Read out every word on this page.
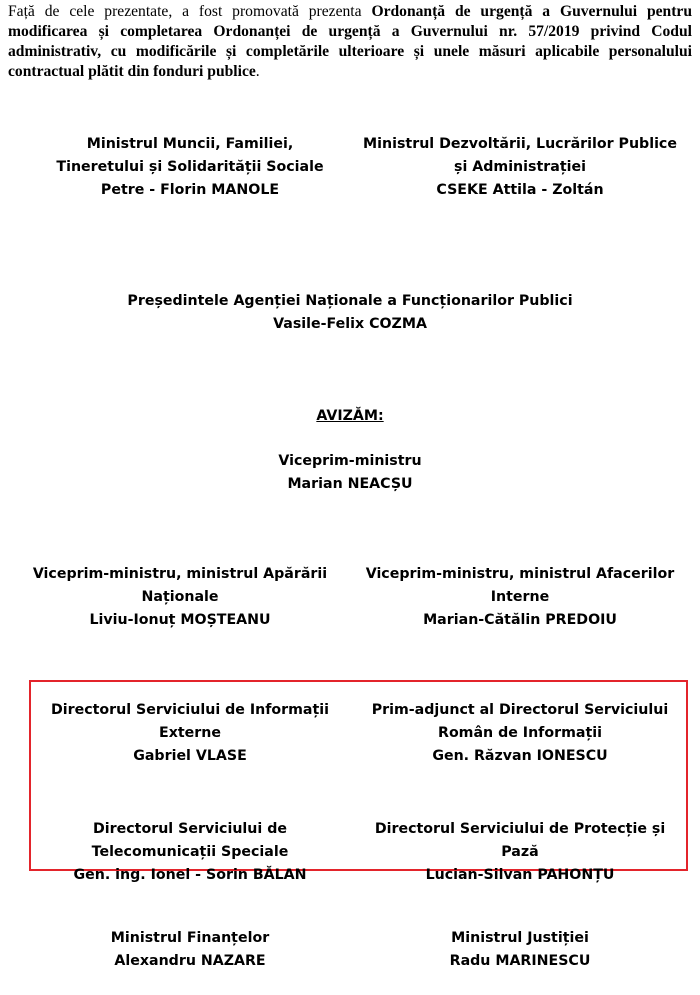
Față de cele prezentate, a fost promovată prezenta Ordonanță de urgență a Guvernului pentru modificarea și completarea Ordonanței de urgență a Guvernului nr. 57/2019 privind Codul administrativ, cu modificările și completările ulterioare și unele măsuri aplicabile personalului contractual plătit din fonduri publice.

Ministrul Muncii, Familiei,
Tineretului și Solidarității Sociale
Petre - Florin MANOLE
Ministrul Dezvoltării, Lucrărilor Publice
și Administrației
CSEKE Attila - Zoltán
Președintele Agenției Naționale a Funcționarilor Publici
Vasile-Felix COZMA
AVIZĂM:
Viceprim-ministru
Marian NEACȘU
Viceprim-ministru, ministrul Apărării
Naționale
Liviu-Ionuț MOȘTEANU
Viceprim-ministru, ministrul Afacerilor
Interne
Marian-Cătălin PREDOIU
Directorul Serviciului de Informații
Externe
Gabriel VLASE
Prim-adjunct al Directorul Serviciului
Român de Informații
Gen. Răzvan IONESCU
Directorul Serviciului de
Telecomunicații Speciale
Gen. ing. Ionel - Sorin BĂLAN
Directorul Serviciului de Protecție și
Pază
Lucian-Silvan PAHONȚU
Ministrul Finanțelor
Alexandru NAZARE
Ministrul Justiției
Radu MARINESCU
